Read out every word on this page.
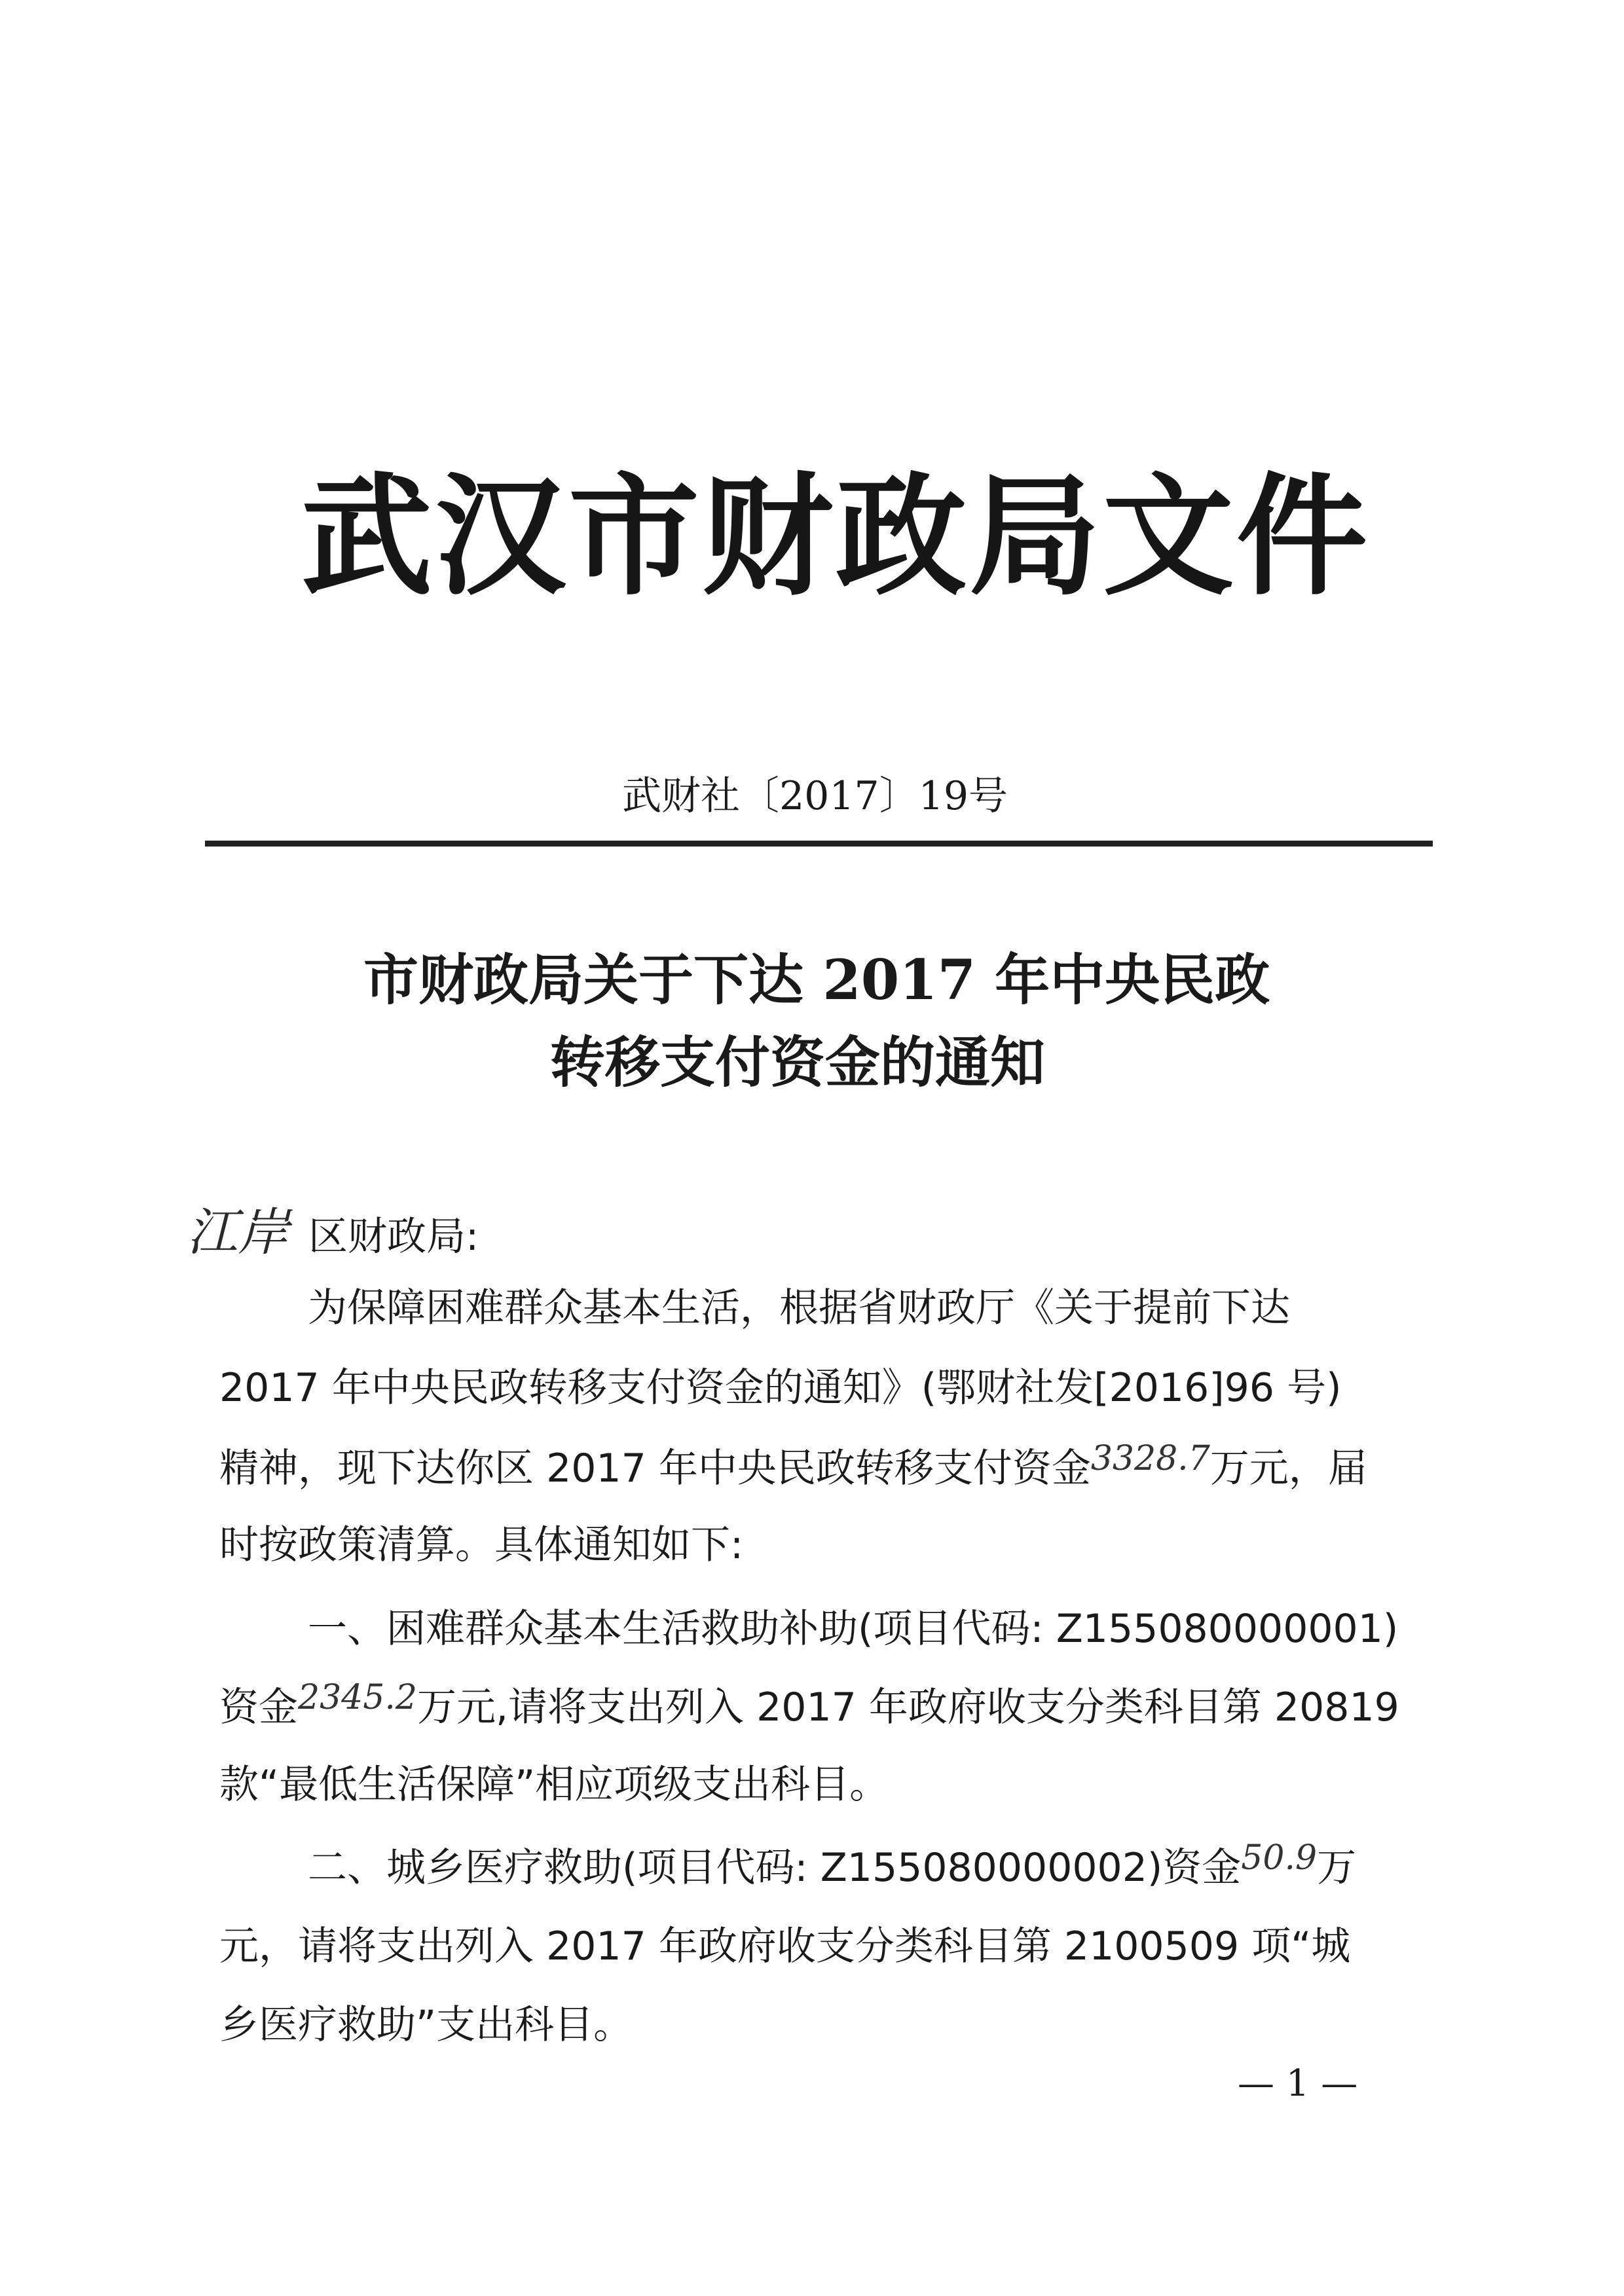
武汉市财政局文件
武财社〔2017〕19号
市财政局关于下达 2017 年中央民政
转移支付资金的通知
江岸 区财政局:
为保障困难群众基本生活，根据省财政厅《关于提前下达
2017 年中央民政转移支付资金的通知》(鄂财社发[2016]96 号)
精神，现下达你区 2017 年中央民政转移支付资金3328.7万元，届
时按政策清算。具体通知如下:
一、困难群众基本生活救助补助(项目代码: Z155080000001)
资金2345.2万元,请将支出列入 2017 年政府收支分类科目第 20819
款“最低生活保障”相应项级支出科目。
二、城乡医疗救助(项目代码: Z155080000002)资金50.9万
元，请将支出列入 2017 年政府收支分类科目第 2100509 项“城
乡医疗救助”支出科目。
— 1 —
